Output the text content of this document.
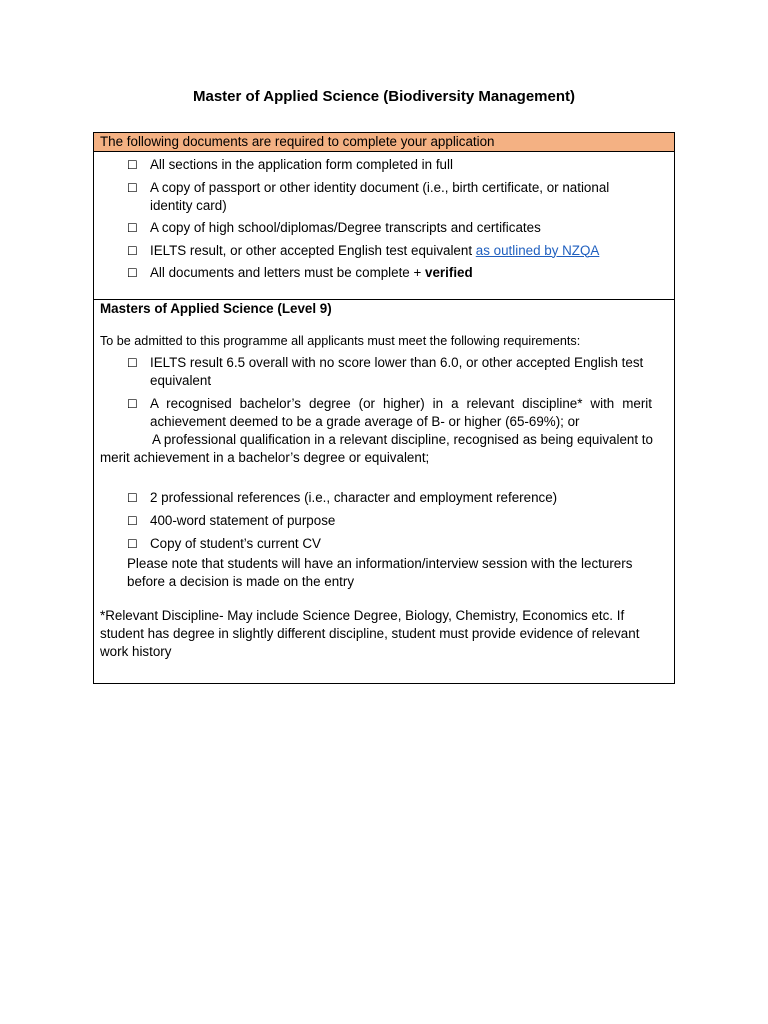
Master of Applied Science (Biodiversity Management)
The following documents are required to complete your application
☐ All sections in the application form completed in full
☐ A copy of passport or other identity document (i.e., birth certificate, or national identity card)
☐ A copy of high school/diplomas/Degree transcripts and certificates
☐ IELTS result, or other accepted English test equivalent as outlined by NZQA
☐ All documents and letters must be complete + verified
Masters of Applied Science (Level 9)
To be admitted to this programme all applicants must meet the following requirements:
☐ IELTS result 6.5 overall with no score lower than 6.0, or other accepted English test equivalent
☐ A recognised bachelor’s degree (or higher) in a relevant discipline* with merit achievement deemed to be a grade average of B- or higher (65-69%); or
A professional qualification in a relevant discipline, recognised as being equivalent to merit achievement in a bachelor’s degree or equivalent;
☐ 2 professional references (i.e., character and employment reference)
☐ 400-word statement of purpose
☐ Copy of student’s current CV
Please note that students will have an information/interview session with the lecturers before a decision is made on the entry
*Relevant Discipline- May include Science Degree, Biology, Chemistry, Economics etc. If student has degree in slightly different discipline, student must provide evidence of relevant work history
